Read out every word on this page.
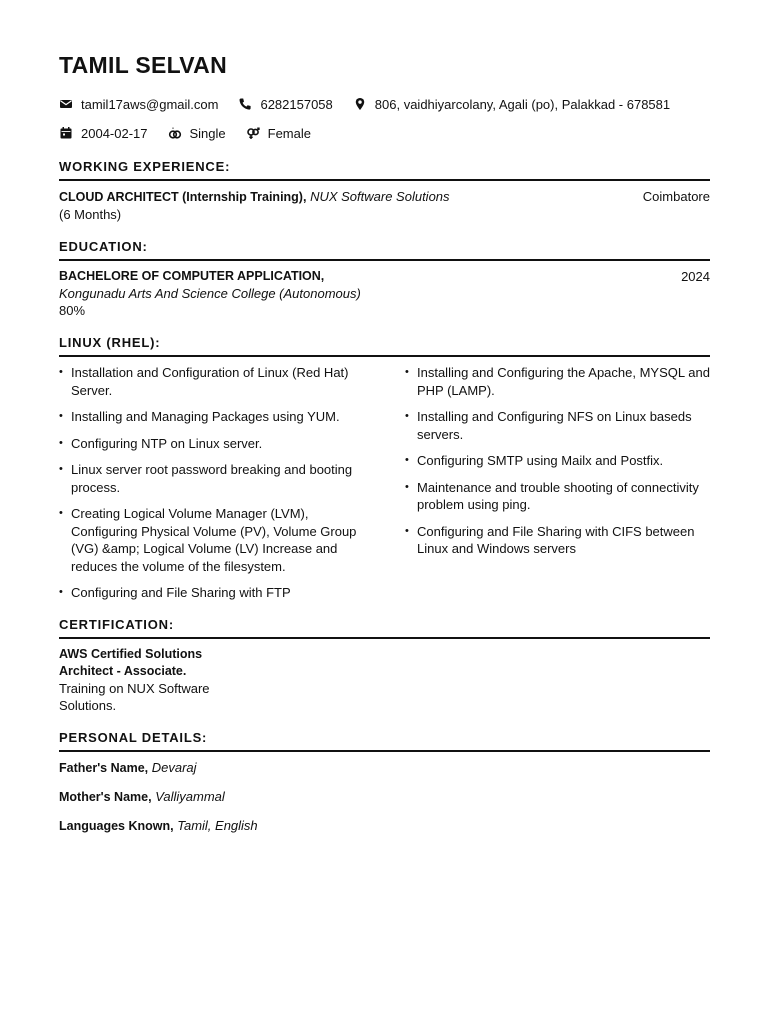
TAMIL SELVAN
tamil17aws@gmail.com	6282157058	806, vaidhiyarcolany, Agali (po), Palakkad - 678581
2004-02-17	Single	Female
WORKING EXPERIENCE:
CLOUD ARCHITECT (Internship Training), NUX Software Solutions	Coimbatore
(6 Months)
EDUCATION:
BACHELORE OF COMPUTER APPLICATION,	2024
Kongunadu Arts And Science College (Autonomous)
80%
LINUX (RHEL):
• Installation and Configuration of Linux (Red Hat) Server.
• Installing and Managing Packages using YUM.
• Configuring NTP on Linux server.
• Linux server root password breaking and booting process.
• Creating Logical Volume Manager (LVM), Configuring Physical Volume (PV), Volume Group (VG) &amp; Logical Volume (LV) Increase and reduces the volume of the filesystem.
• Configuring and File Sharing with FTP
• Installing and Configuring the Apache, MYSQL and PHP (LAMP).
• Installing and Configuring NFS on Linux baseds servers.
• Configuring SMTP using Mailx and Postfix.
• Maintenance and trouble shooting of connectivity problem using ping.
• Configuring and File Sharing with CIFS between Linux and Windows servers
CERTIFICATION:
AWS Certified Solutions Architect - Associate.
Training on NUX Software Solutions.
PERSONAL DETAILS:
Father's Name, Devaraj
Mother's Name, Valliyammal
Languages Known, Tamil, English
